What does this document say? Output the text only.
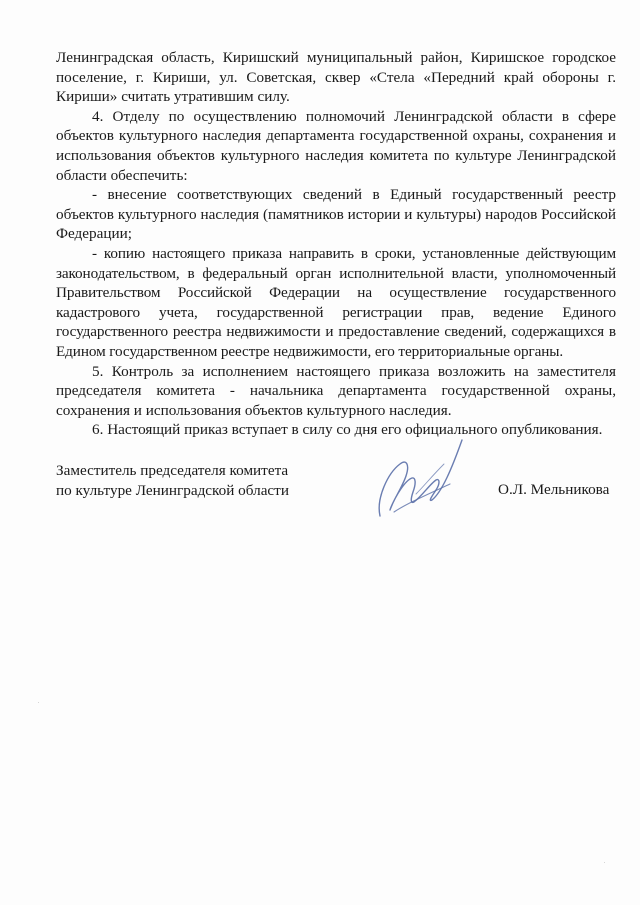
Ленинградская область, Киришский муниципальный район, Киришское городское поселение, г. Кириши, ул. Советская, сквер «Стела «Передний край обороны г. Кириши» считать утратившим силу.

4. Отделу по осуществлению полномочий Ленинградской области в сфере объектов культурного наследия департамента государственной охраны, сохранения и использования объектов культурного наследия комитета по культуре Ленинградской области обеспечить:

- внесение соответствующих сведений в Единый государственный реестр объектов культурного наследия (памятников истории и культуры) народов Российской Федерации;

- копию настоящего приказа направить в сроки, установленные действующим законодательством, в федеральный орган исполнительной власти, уполномоченный Правительством Российской Федерации на осуществление государственного кадастрового учета, государственной регистрации прав, ведение Единого государственного реестра недвижимости и предоставление сведений, содержащихся в Едином государственном реестре недвижимости, его территориальные органы.

5. Контроль за исполнением настоящего приказа возложить на заместителя председателя комитета - начальника департамента государственной охраны, сохранения и использования объектов культурного наследия.

6. Настоящий приказ вступает в силу со дня его официального опубликования.

Заместитель председателя комитета
по культуре Ленинградской области	О.Л. Мельникова
